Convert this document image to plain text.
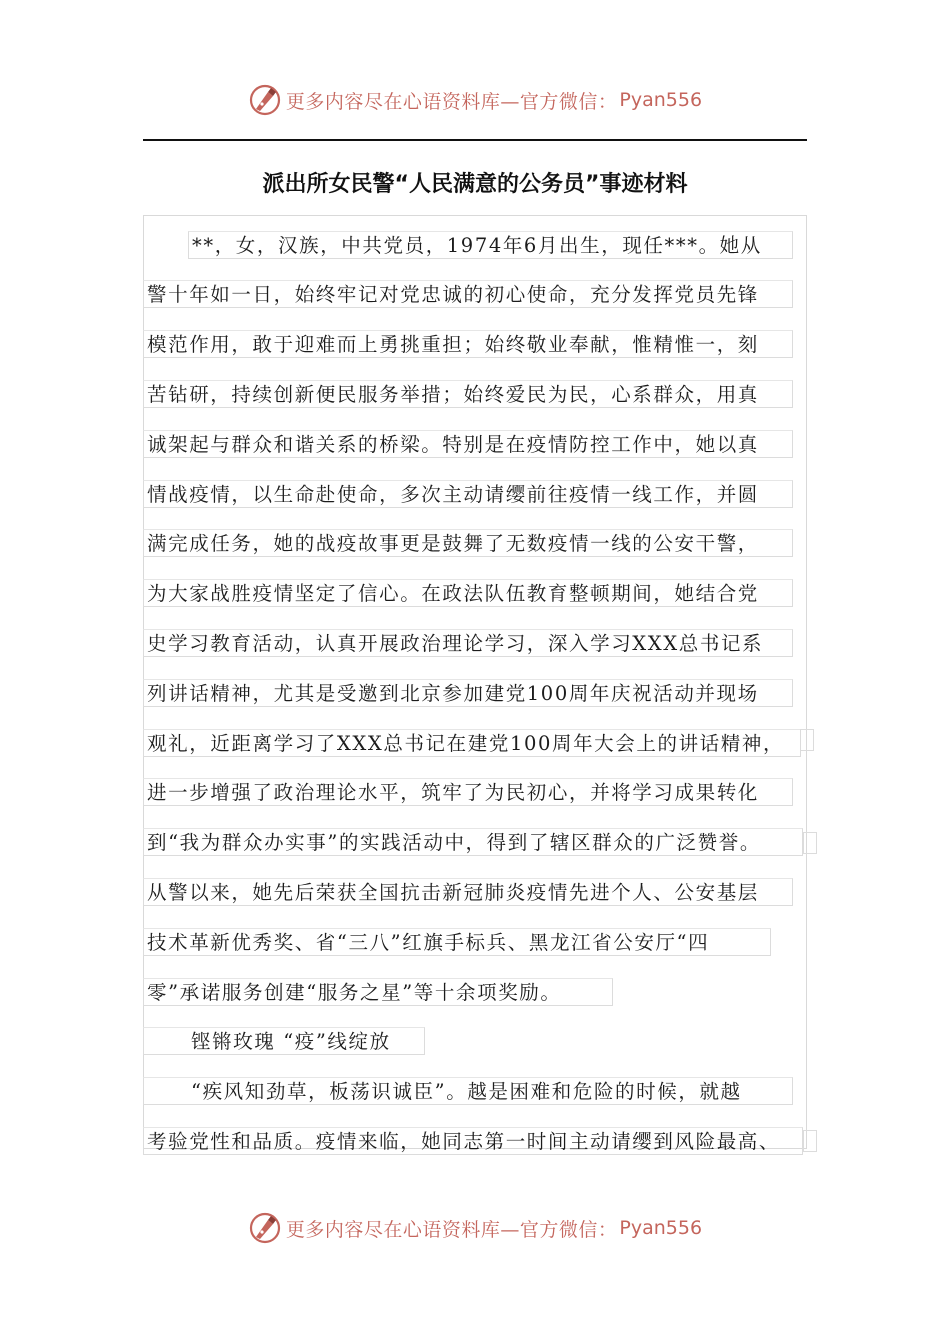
更多内容尽在心语资料库—官方微信： Pyan556
派出所女民警“人民满意的公务员”事迹材料
**，女，汉族，中共党员，1974年6月出生，现任***。她从
警十年如一日，始终牢记对党忠诚的初心使命，充分发挥党员先锋
模范作用，敢于迎难而上勇挑重担；始终敬业奉献，惟精惟一，刻
苦钻研，持续创新便民服务举措；始终爱民为民，心系群众，用真
诚架起与群众和谐关系的桥梁。特别是在疫情防控工作中，她以真
情战疫情，以生命赴使命，多次主动请缨前往疫情一线工作，并圆
满完成任务，她的战疫故事更是鼓舞了无数疫情一线的公安干警，
为大家战胜疫情坚定了信心。在政法队伍教育整顿期间，她结合党
史学习教育活动，认真开展政治理论学习，深入学习XXX总书记系
列讲话精神，尤其是受邀到北京参加建党100周年庆祝活动并现场
观礼，近距离学习了XXX总书记在建党100周年大会上的讲话精神，
进一步增强了政治理论水平，筑牢了为民初心，并将学习成果转化
到“我为群众办实事”的实践活动中，得到了辖区群众的广泛赞誉。
从警以来，她先后荣获全国抗击新冠肺炎疫情先进个人、公安基层
技术革新优秀奖、省“三八”红旗手标兵、黑龙江省公安厅“四
零”承诺服务创建“服务之星”等十余项奖励。
铿锵玫瑰 “疫”线绽放
“疾风知劲草，板荡识诚臣”。越是困难和危险的时候，就越
考验党性和品质。疫情来临，她同志第一时间主动请缨到风险最高、
更多内容尽在心语资料库—官方微信： Pyan556
